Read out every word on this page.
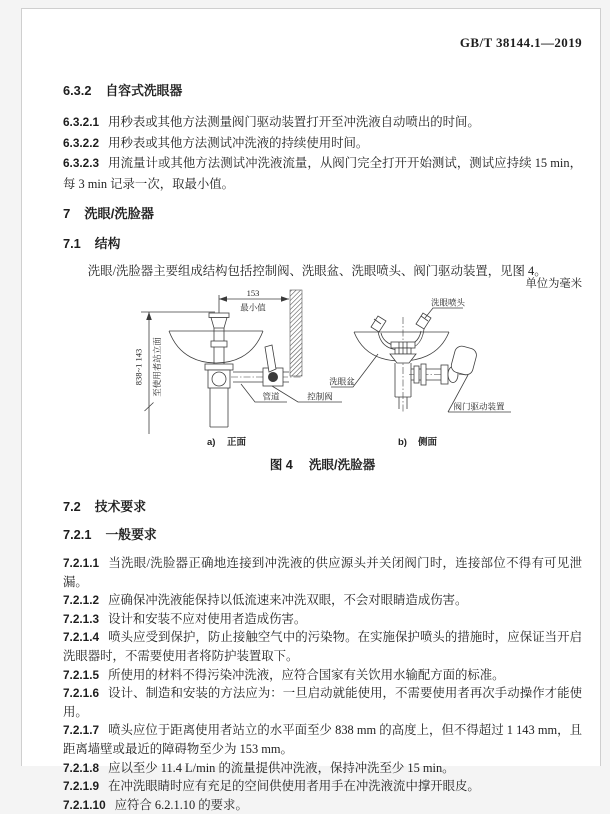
GB/T 38144.1—2019

6.3.2 自容式洗眼器

6.3.2.1 用秒表或其他方法测量阀门驱动装置打开至冲洗液自动喷出的时间。

6.3.2.2 用秒表或其他方法测试冲洗液的持续使用时间。

6.3.2.3 用流量计或其他方法测试冲洗液流量，从阀门完全打开开始测试，测试应持续 15 min，每 3 min 记录一次，取最小值。

7 洗眼/洗脸器

7.1 结构

洗眼/洗脸器主要组成结构包括控制阀、洗眼盆、洗眼喷头、阀门驱动装置，见图 4。

单位为毫米

838~1 143 至使用者站立面
153
最小值
管道	控制阀
a) 正面
洗眼喷头
洗眼盆
阀门驱动装置
b) 侧面

图 4 洗眼/洗脸器

7.2 技术要求

7.2.1 一般要求

7.2.1.1 当洗眼/洗脸器正确地连接到冲洗液的供应源头并关闭阀门时，连接部位不得有可见泄漏。

7.2.1.2 应确保冲洗液能保持以低流速来冲洗双眼，不会对眼睛造成伤害。

7.2.1.3 设计和安装不应对使用者造成伤害。

7.2.1.4 喷头应受到保护，防止接触空气中的污染物。在实施保护喷头的措施时，应保证当开启洗眼器时，不需要使用者将防护装置取下。

7.2.1.5 所使用的材料不得污染冲洗液，应符合国家有关饮用水输配方面的标准。

7.2.1.6 设计、制造和安装的方法应为：一旦启动就能使用，不需要使用者再次手动操作才能使用。

7.2.1.7 喷头应位于距离使用者站立的水平面至少 838 mm 的高度上，但不得超过 1 143 mm，且距离墙壁或最近的障碍物至少为 153 mm。

7.2.1.8 应以至少 11.4 L/min 的流量提供冲洗液，保持冲洗至少 15 min。

7.2.1.9 在冲洗眼睛时应有充足的空间供使用者用手在冲洗液流中撑开眼皮。

7.2.1.10 应符合 6.2.1.10 的要求。
